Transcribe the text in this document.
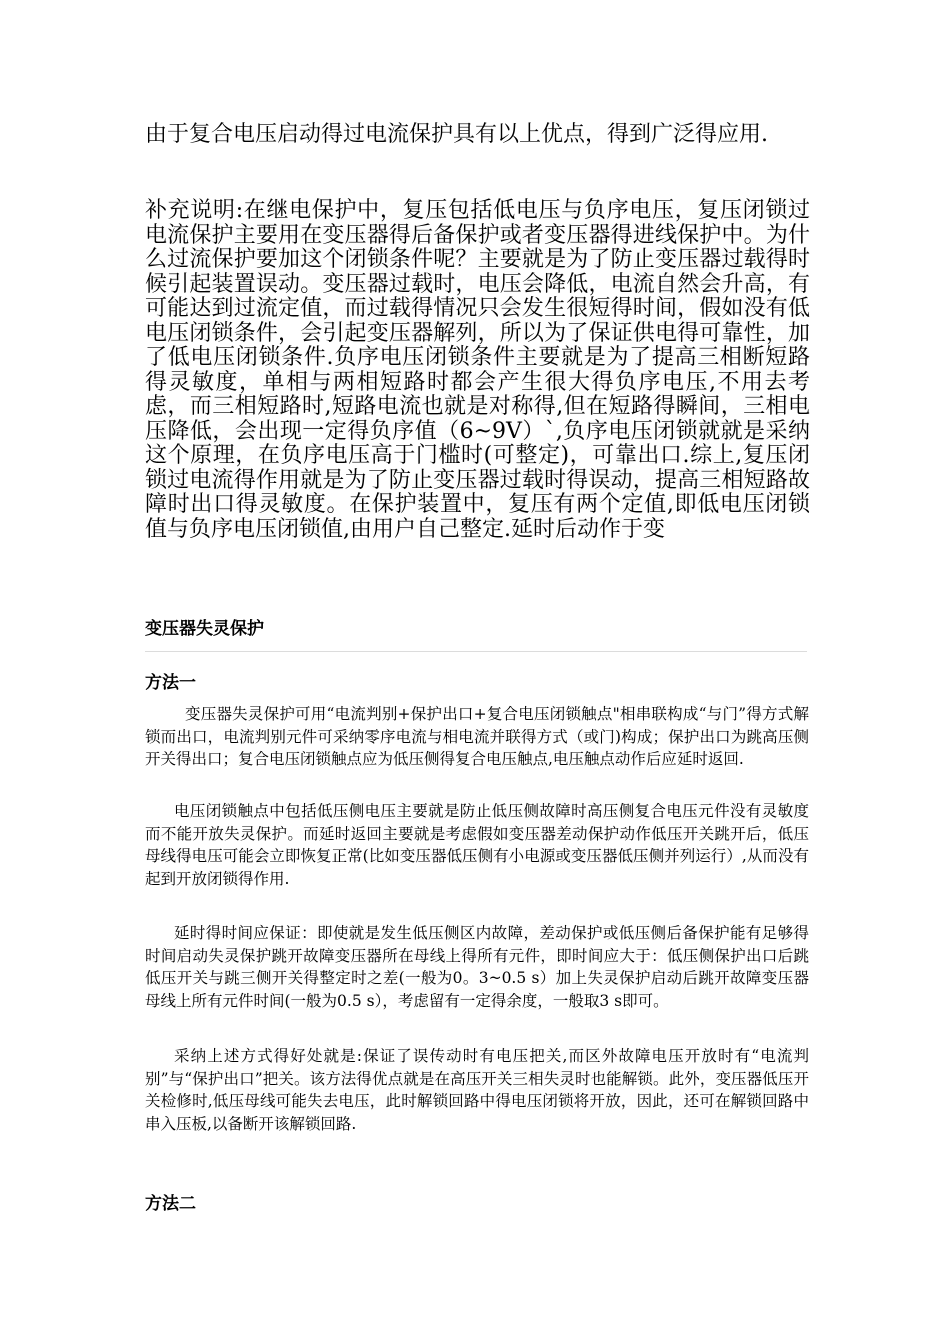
由于复合电压启动得过电流保护具有以上优点，得到广泛得应用.

补充说明:在继电保护中，复压包括低电压与负序电压，复压闭锁过电流保护主要用在变压器得后备保护或者变压器得进线保护中。为什么过流保护要加这个闭锁条件呢？主要就是为了防止变压器过载得时候引起装置误动。变压器过载时，电压会降低，电流自然会升高，有可能达到过流定值，而过载得情况只会发生很短得时间，假如没有低电压闭锁条件，会引起变压器解列，所以为了保证供电得可靠性，加了低电压闭锁条件.负序电压闭锁条件主要就是为了提高三相断短路得灵敏度，单相与两相短路时都会产生很大得负序电压,不用去考虑，而三相短路时,短路电流也就是对称得,但在短路得瞬间，三相电压降低，会出现一定得负序值（6~9V）`,负序电压闭锁就就是采纳这个原理，在负序电压高于门槛时(可整定)，可靠出口.综上,复压闭锁过电流得作用就是为了防止变压器过载时得误动，提高三相短路故障时出口得灵敏度。在保护装置中，复压有两个定值,即低电压闭锁值与负序电压闭锁值,由用户自己整定.延时后动作于变

变压器失灵保护
方法一

变压器失灵保护可用“电流判别+保护出口+复合电压闭锁触点"相串联构成“与门”得方式解锁而出口，电流判别元件可采纳零序电流与相电流并联得方式（或门)构成；保护出口为跳高压侧开关得出口；复合电压闭锁触点应为低压侧得复合电压触点,电压触点动作后应延时返回.

电压闭锁触点中包括低压侧电压主要就是防止低压侧故障时高压侧复合电压元件没有灵敏度而不能开放失灵保护。而延时返回主要就是考虑假如变压器差动保护动作低压开关跳开后，低压母线得电压可能会立即恢复正常(比如变压器低压侧有小电源或变压器低压侧并列运行）,从而没有起到开放闭锁得作用.

延时得时间应保证：即使就是发生低压侧区内故障，差动保护或低压侧后备保护能有足够得时间启动失灵保护跳开故障变压器所在母线上得所有元件，即时间应大于：低压侧保护出口后跳低压开关与跳三侧开关得整定时之差(一般为0。3~0.5 s）加上失灵保护启动后跳开故障变压器母线上所有元件时间(一般为0.5 s），考虑留有一定得余度，一般取3 s即可。

采纳上述方式得好处就是:保证了误传动时有电压把关,而区外故障电压开放时有“电流判别”与“保护出口”把关。该方法得优点就是在高压开关三相失灵时也能解锁。此外，变压器低压开关检修时,低压母线可能失去电压，此时解锁回路中得电压闭锁将开放，因此，还可在解锁回路中串入压板,以备断开该解锁回路.

方法二
